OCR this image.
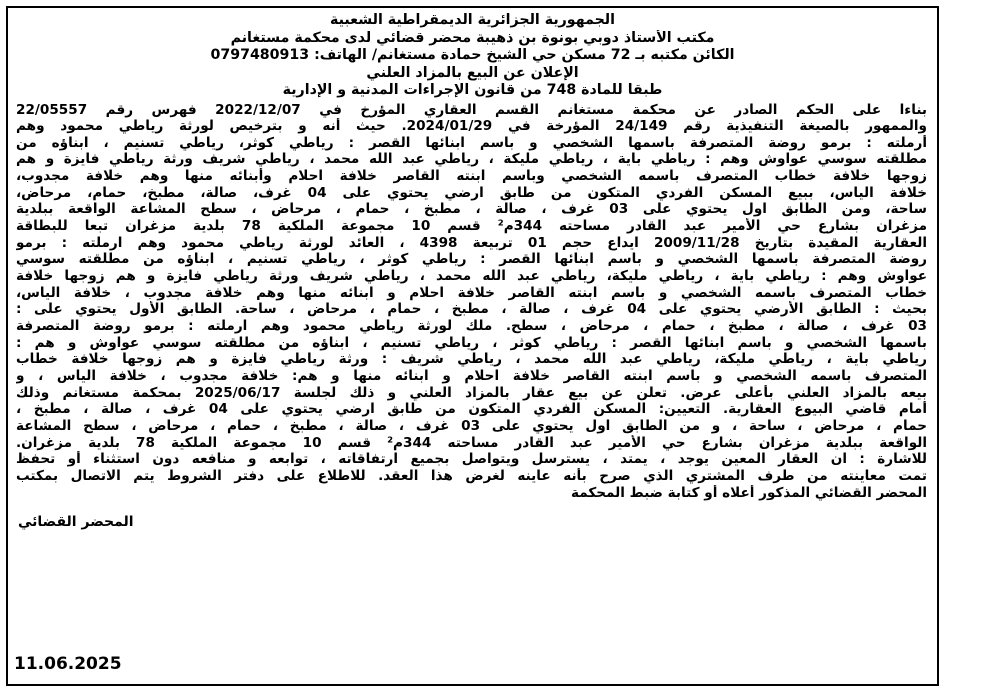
الجمهورية الجزائرية الديمقراطية الشعبية
مكتب الأستاذ دوبي بونوة بن ذهيبة محضر قضائي لدى محكمة مستغانم
الكائن مكتبه بـ 72 مسكن حي الشيخ حمادة مستغانم/ الهاتف: 0797480913
الإعلان عن البيع بالمزاد العلني
طبقا للمادة 748 من قانون الإجراءات المدنية و الإدارية
بناءا على الحكم الصادر عن محكمة مستغانم القسم العقاري المؤرخ في 2022/12/07 فهرس رقم 22/05557
والممهور بالصيغة التنفيذية رقم 24/149 المؤرخة في 2024/01/29. حيث أنه و بترخيص لورثة رياطي محمود وهم
أرملته : برمو روضة المتصرفة باسمها الشخصي و باسم ابنائها القصر : رياطي كوثر، رياطي تسنيم ، ابناؤه من
مطلقته سوسي عواوش وهم : رياطي باية ، رياطي مليكة ، رياطي عبد الله محمد ، رياطي شريف ورثة رياطي فايزة و هم
زوجها خلافة خطاب المتصرف باسمه الشخصي وباسم ابنته القاصر خلافة احلام وأبنائه منها وهم خلافة مجدوب،
خلافة الياس، ببيع المسكن الفردي المتكون من طابق ارضي يحتوي على 04 غرف، صالة، مطبخ، حمام، مرحاض،
ساحة، ومن الطابق اول يحتوي على 03 غرف ، صالة ، مطبخ ، حمام ، مرحاض ، سطح المشاعة الواقعة ببلدية
مزغران بشارع حي الأمير عبد القادر مساحته 344م² قسم 10 مجموعة الملكية 78 بلدية مزغران تبعا للبطاقة
العقارية المقيدة بتاريخ 2009/11/28 ايداع حجم 01 تربيعة 4398 ، العائد لورثة رياطي محمود وهم ارملته : برمو
روضة المتصرفة باسمها الشخصي و باسم ابنائها القصر : رياطي كوثر ، رياطي تسنيم ، ابناؤه من مطلقته سوسي
عواوش وهم : رياطي باية ، رياطي مليكة، رياطي عبد الله محمد ، رياطي شريف ورثة رياطي فايزة و هم زوجها خلافة
خطاب المتصرف باسمه الشخصي و باسم ابنته القاصر خلافة احلام و ابنائه منها وهم خلافة مجدوب ، خلافة الياس،
بحيث : الطابق الأرضي يحتوي على 04 غرف ، صالة ، مطبخ ، حمام ، مرحاض ، ساحة. الطابق الأول يحتوي على :
03 غرف ، صالة ، مطبخ ، حمام ، مرحاض ، سطح. ملك لورثة رياطي محمود وهم ارملته : برمو روضة المتصرفة
باسمها الشخصي و باسم ابنائها القصر : رياطي كوثر ، رياطي تسنيم ، ابناؤه من مطلقته سوسي عواوش و هم :
رياطي باية ، رياطي مليكة، رياطي عبد الله محمد ، رياطي شريف : ورثة رياطي فايزة و هم زوجها خلافة خطاب
المتصرف باسمه الشخصي و باسم ابنته القاصر خلافة احلام و ابنائه منها و هم: خلافة مجدوب ، خلافة الياس ، و
بيعه بالمزاد العلني بأعلى عرض. تعلن عن بيع عقار بالمزاد العلني و ذلك لجلسة 2025/06/17 بمحكمة مستغانم وذلك
أمام قاضي البيوع العقارية. التعيين: المسكن الفردي المتكون من طابق ارضي يحتوي على 04 غرف ، صالة ، مطبخ ،
حمام ، مرحاض ، ساحة ، و من الطابق اول يحتوي على 03 غرف ، صالة ، مطبخ ، حمام ، مرحاض ، سطح المشاعة
الواقعة ببلدية مزغران بشارع حي الأمير عبد القادر مساحته 344م² قسم 10 مجموعة الملكية 78 بلدية مزغران.
للاشارة : ان العقار المعين يوجد ، يمتد ، يسترسل ويتواصل بجميع ارتفاقاته ، توابعه و منافعه دون استثناء أو تحفظ
تمت معاينته من طرف المشتري الذي صرح بأنه عاينه لغرض هذا العقد. للاطلاع على دفتر الشروط يتم الاتصال بمكتب
المحضر القضائي المذكور أعلاه أو كتابة ضبط المحكمة
المحضر القضائي
11.06.2025
